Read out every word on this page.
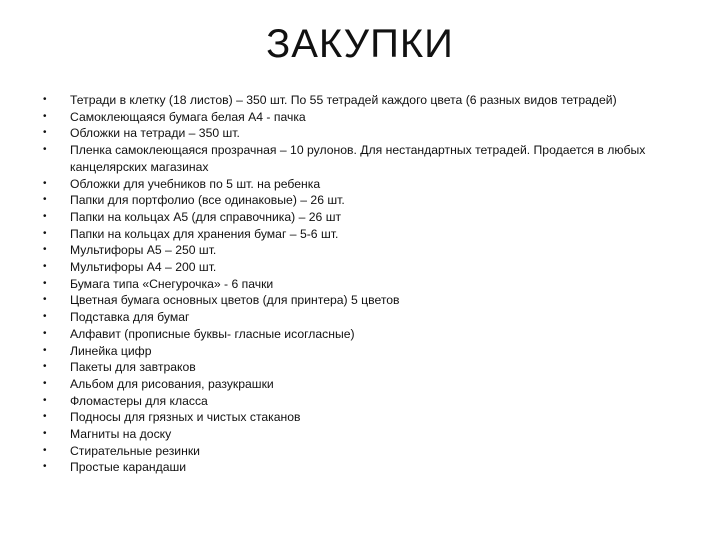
ЗАКУПКИ
• Тетради в клетку (18 листов) – 350 шт. По 55 тетрадей каждого цвета (6 разных видов тетрадей)
• Самоклеющаяся бумага белая А4 - пачка
• Обложки на тетради – 350 шт.
• Пленка самоклеющаяся прозрачная – 10 рулонов. Для нестандартных тетрадей. Продается в любых канцелярских магазинах
• Обложки для учебников по 5 шт. на ребенка
• Папки для портфолио (все одинаковые) – 26 шт.
• Папки на кольцах А5 (для справочника) – 26 шт
• Папки на кольцах для хранения бумаг – 5-6 шт.
• Мультифоры А5 – 250 шт.
• Мультифоры А4 – 200 шт.
• Бумага типа «Снегурочка» - 6 пачки
• Цветная бумага основных цветов (для принтера) 5 цветов
• Подставка для бумаг
• Алфавит (прописные буквы- гласные исогласные)
• Линейка цифр
• Пакеты для завтраков
• Альбом для рисования, разукрашки
• Фломастеры для класса
• Подносы для грязных и чистых стаканов
• Магниты на доску
• Стирательные резинки
• Простые карандаши
